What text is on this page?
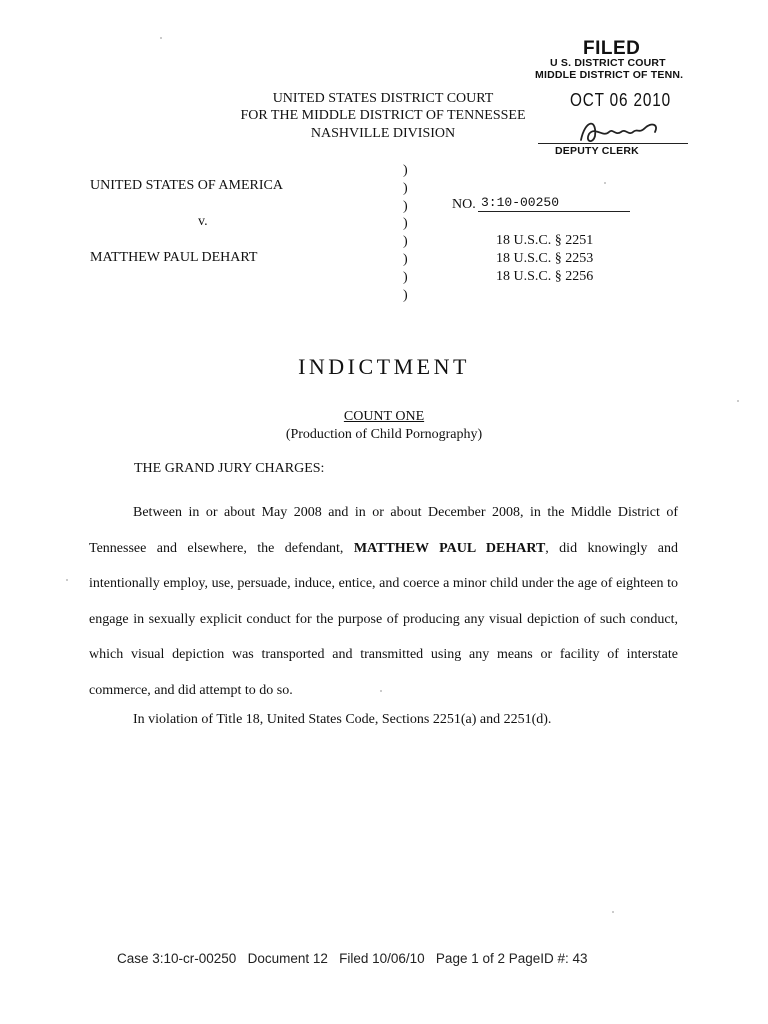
FILED
U S. DISTRICT COURT
MIDDLE DISTRICT OF TENN.
OCT 06 2010
DEPUTY CLERK
UNITED STATES DISTRICT COURT
FOR THE MIDDLE DISTRICT OF TENNESSEE
NASHVILLE DIVISION
UNITED STATES OF AMERICA
v.
MATTHEW PAUL DEHART
)
)
)
)
)
)
)
)
NO. 3:10-00250
18 U.S.C. § 2251
18 U.S.C. § 2253
18 U.S.C. § 2256
INDICTMENT
COUNT ONE
(Production of Child Pornography)
THE GRAND JURY CHARGES:
Between in or about May 2008 and in or about December 2008, in the Middle District of Tennessee and elsewhere, the defendant, MATTHEW PAUL DEHART, did knowingly and intentionally employ, use, persuade, induce, entice, and coerce a minor child under the age of eighteen to engage in sexually explicit conduct for the purpose of producing any visual depiction of such conduct, which visual depiction was transported and transmitted using any means or facility of interstate commerce, and did attempt to do so.
In violation of Title 18, United States Code, Sections 2251(a) and 2251(d).
Case 3:10-cr-00250   Document 12   Filed 10/06/10   Page 1 of 2 PageID #: 43
